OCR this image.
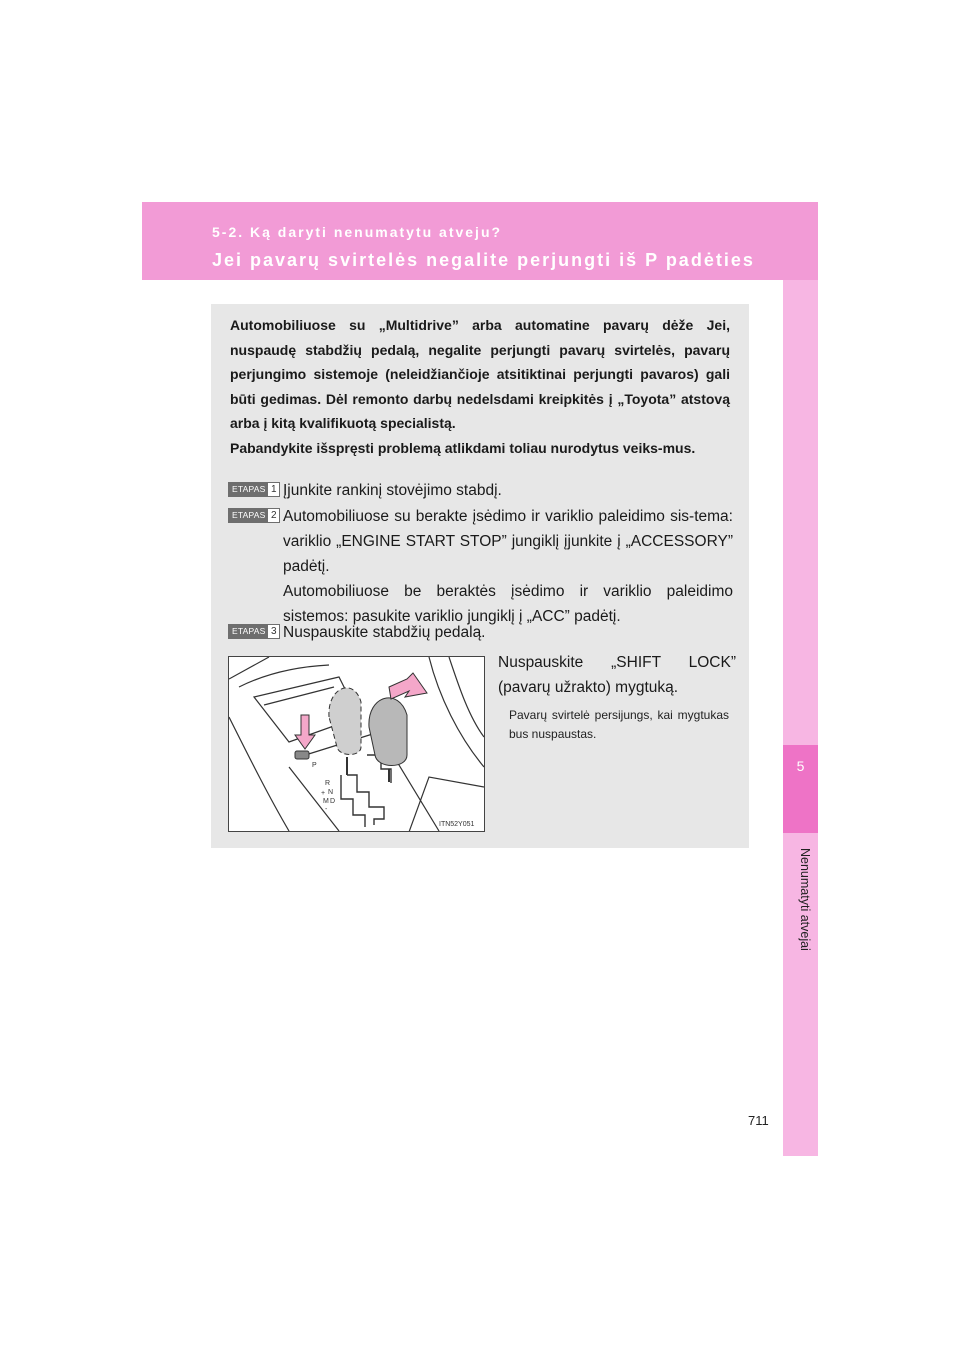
5-2. Ką daryti nenumatytu atveju?
Jei pavarų svirtelės negalite perjungti iš P padėties
5
Nenumatyti atvejai

Automobiliuose su „Multidrive” arba automatine pavarų dėže Jei, nuspaudę stabdžių pedalą, negalite perjungti pavarų svirtelės, pavarų perjungimo sistemoje (neleidžiančioje atsitiktinai perjungti pavaros) gali būti gedimas. Dėl remonto darbų nedelsdami kreipkitės į „Toyota” atstovą arba į kitą kvalifikuotą specialistą.

Pabandykite išspręsti problemą atlikdami toliau nurodytus veiks-mus.

ETAPAS 1 Įjunkite rankinį stovėjimo stabdį.
ETAPAS 2 Automobiliuose su berakte įsėdimo ir variklio paleidimo sis-tema: variklio „ENGINE START STOP” jungiklį įjunkite į „ACCESSORY” padėtį.
Automobiliuose be beraktės įsėdimo ir variklio paleidimo sistemos: pasukite variklio jungiklį į „ACC” padėtį.
ETAPAS 3 Nuspauskite stabdžių pedalą.
P
R
N
D
M
+
-
ITN52Y051
Nuspauskite „SHIFT LOCK” (pavarų užrakto) mygtuką.
Pavarų svirtelė persijungs, kai mygtukas bus nuspaustas.
711
